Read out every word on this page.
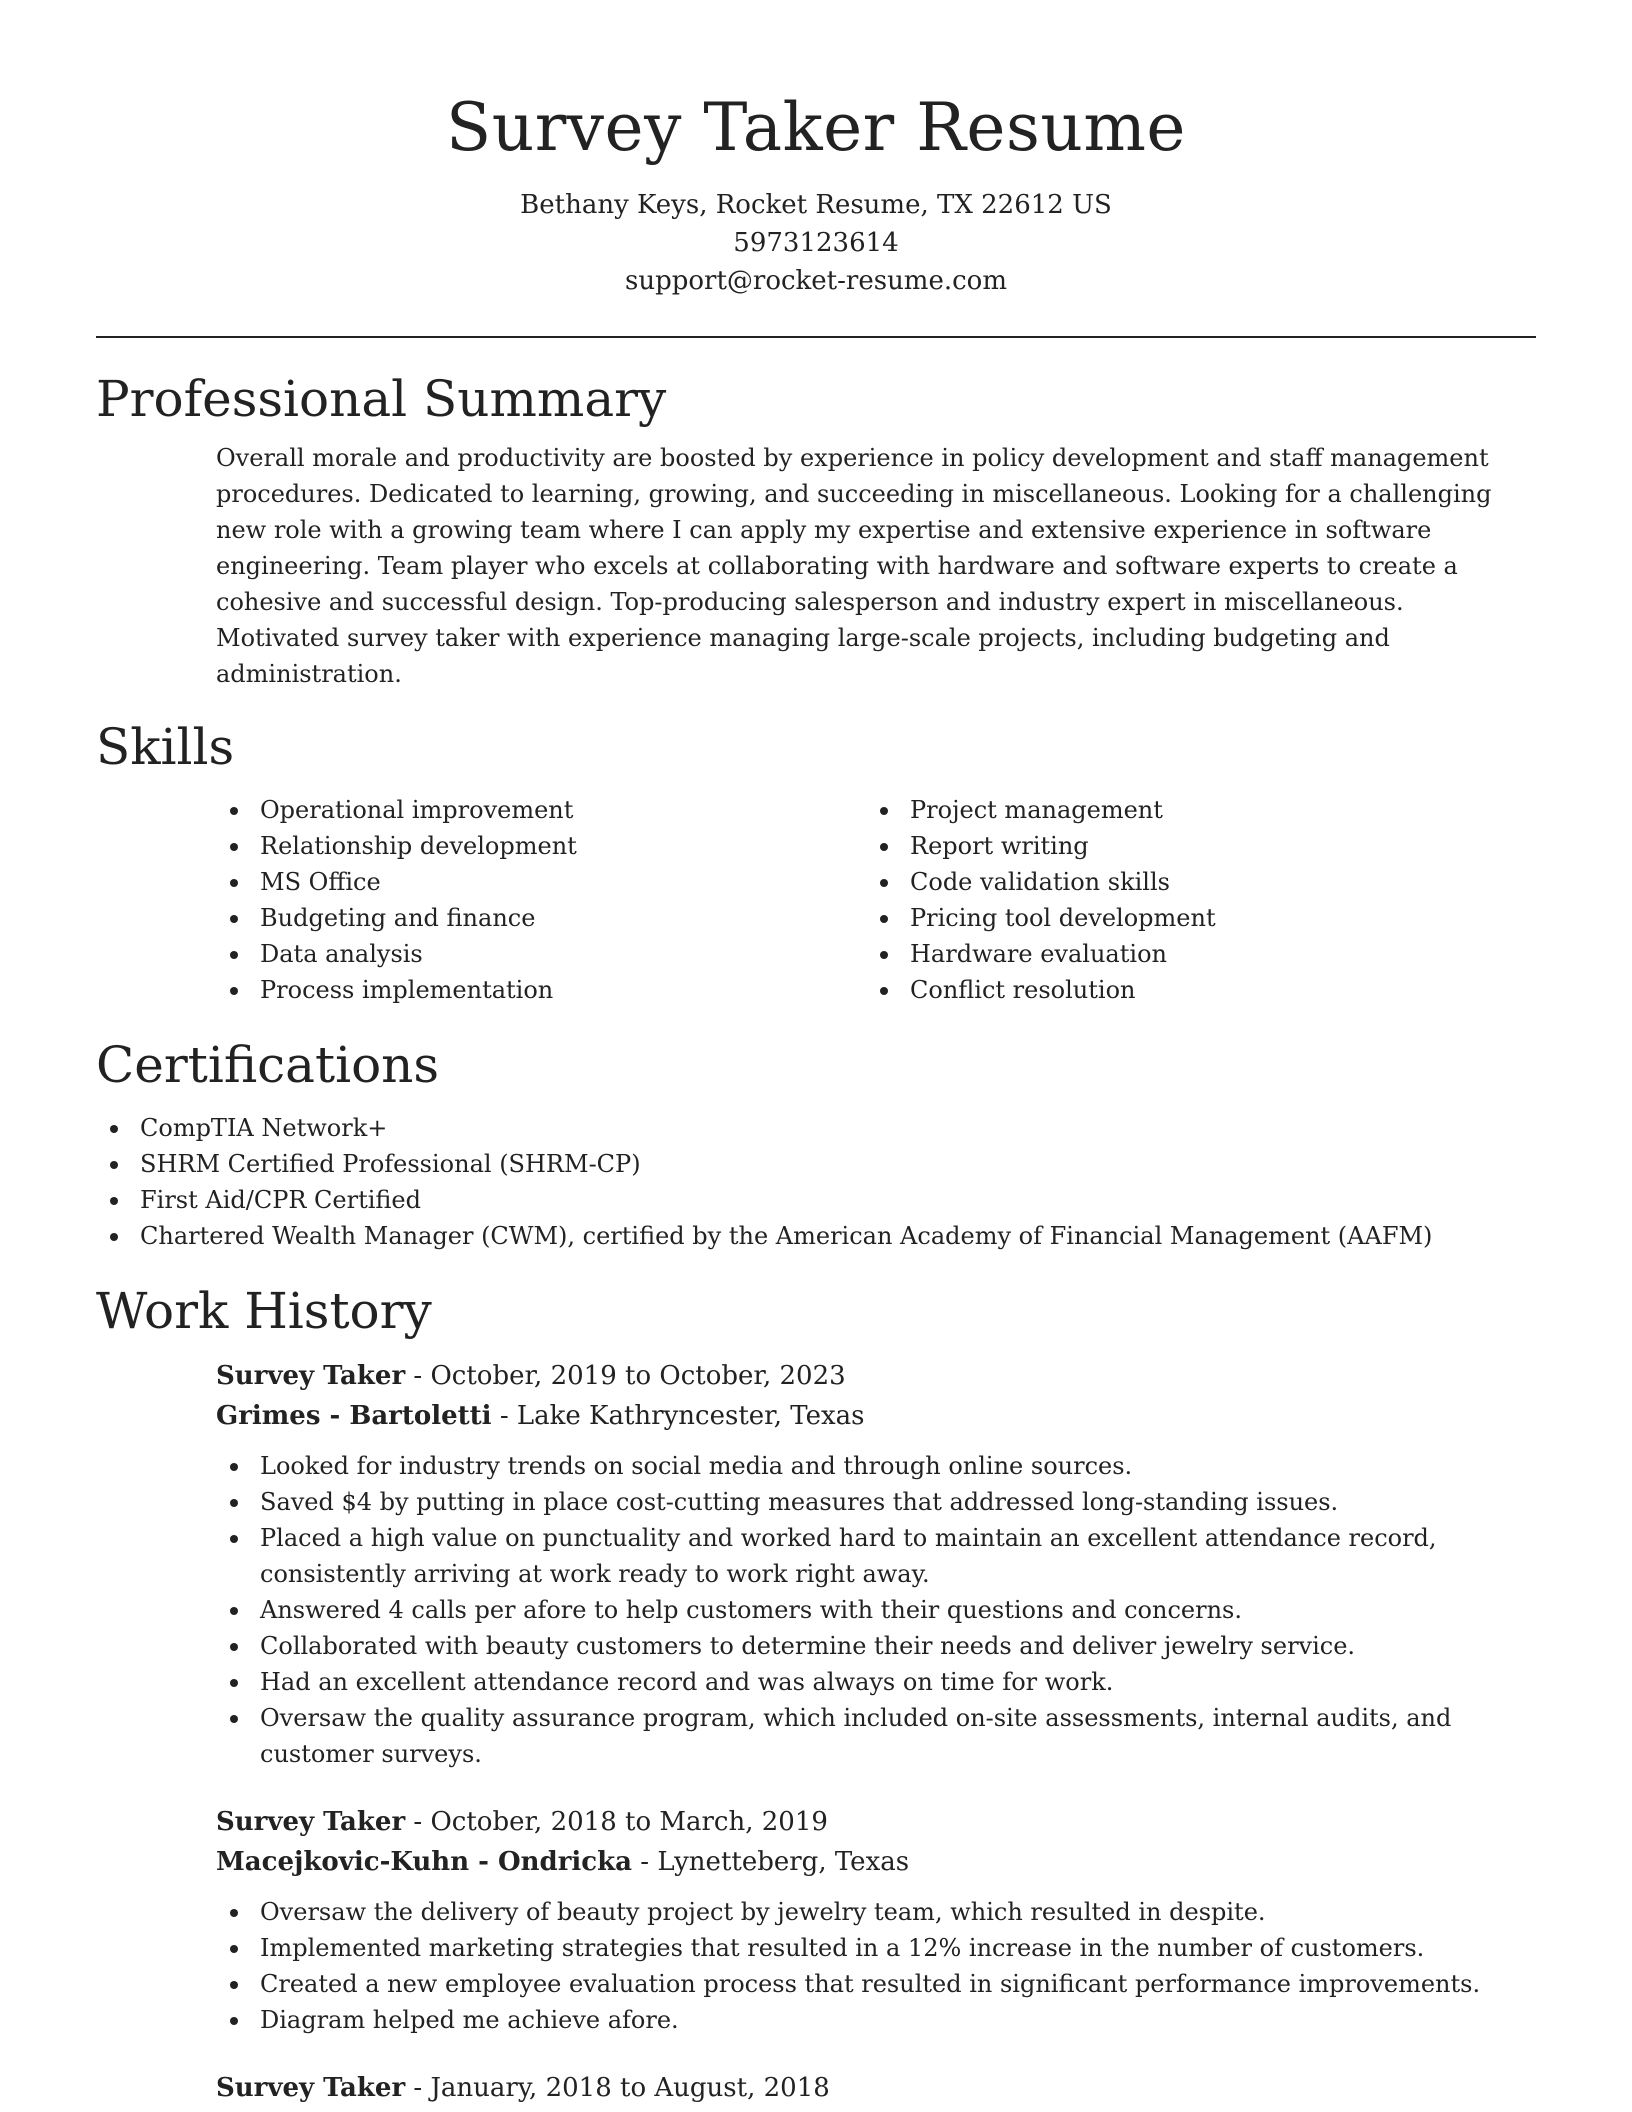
Survey Taker Resume
Bethany Keys, Rocket Resume, TX 22612 US
5973123614
support@rocket-resume.com
Professional Summary

Overall morale and productivity are boosted by experience in policy development and staff management procedures. Dedicated to learning, growing, and succeeding in miscellaneous. Looking for a challenging new role with a growing team where I can apply my expertise and extensive experience in software engineering. Team player who excels at collaborating with hardware and software experts to create a cohesive and successful design. Top-producing salesperson and industry expert in miscellaneous. Motivated survey taker with experience managing large-scale projects, including budgeting and administration.

Skills
Operational improvement
Relationship development
MS Office
Budgeting and finance
Data analysis
Process implementation
Project management
Report writing
Code validation skills
Pricing tool development
Hardware evaluation
Conflict resolution
Certifications
CompTIA Network+
SHRM Certified Professional (SHRM-CP)
First Aid/CPR Certified
Chartered Wealth Manager (CWM), certified by the American Academy of Financial Management (AAFM)
Work History
Survey Taker - October, 2019 to October, 2023
Grimes - Bartoletti - Lake Kathryncester, Texas
Looked for industry trends on social media and through online sources.
Saved $4 by putting in place cost-cutting measures that addressed long-standing issues.
Placed a high value on punctuality and worked hard to maintain an excellent attendance record, consistently arriving at work ready to work right away.
Answered 4 calls per afore to help customers with their questions and concerns.
Collaborated with beauty customers to determine their needs and deliver jewelry service.
Had an excellent attendance record and was always on time for work.
Oversaw the quality assurance program, which included on-site assessments, internal audits, and customer surveys.
Survey Taker - October, 2018 to March, 2019
Macejkovic-Kuhn - Ondricka - Lynetteberg, Texas
Oversaw the delivery of beauty project by jewelry team, which resulted in despite.
Implemented marketing strategies that resulted in a 12% increase in the number of customers.
Created a new employee evaluation process that resulted in significant performance improvements.
Diagram helped me achieve afore.
Survey Taker - January, 2018 to August, 2018
